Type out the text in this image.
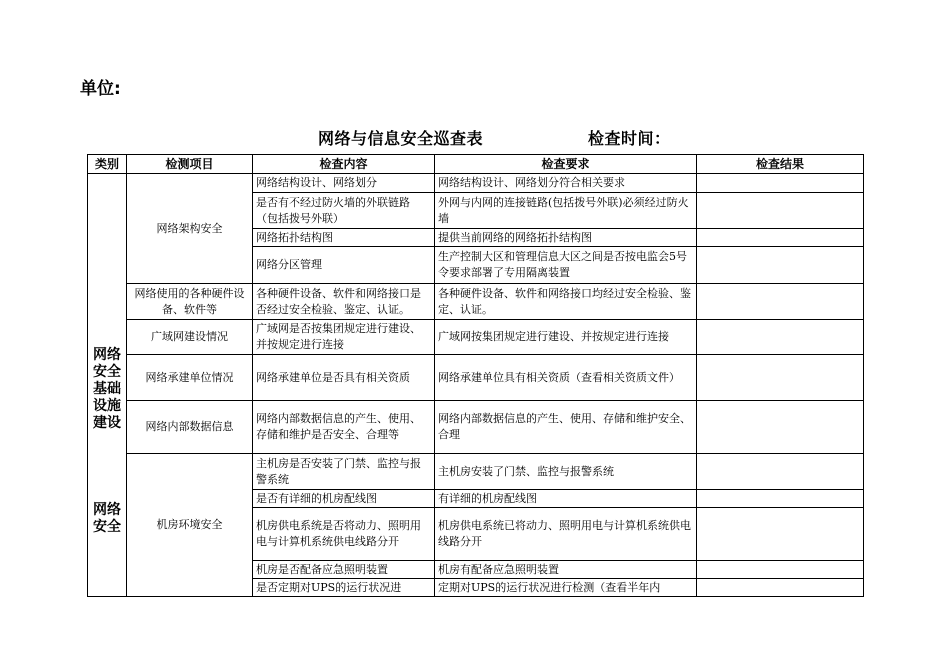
单位:
网络与信息安全巡查表	检查时间：
类别	检测项目	检查内容	检查要求	检查结果

网络安全基础设施建设
网络安全	网络架构安全	网络结构设计、网络划分	网络结构设计、网络划分符合相关要求	
		是否有不经过防火墙的外联链路（包括拨号外联）	外网与内网的连接链路(包括拨号外联)必须经过防火墙	
		网络拓扑结构图	提供当前网络的网络拓扑结构图	
		网络分区管理	生产控制大区和管理信息大区之间是否按电监会5号令要求部署了专用隔离装置	
	网络使用的各种硬件设备、软件等	各种硬件设备、软件和网络接口是否经过安全检验、鉴定、认证。	各种硬件设备、软件和网络接口均经过安全检验、鉴定、认证。	
	广域网建设情况	广域网是否按集团规定进行建设、并按规定进行连接	广域网按集团规定进行建设、并按规定进行连接	
	网络承建单位情况	网络承建单位是否具有相关资质	网络承建单位具有相关资质（查看相关资质文件）	
	网络内部数据信息	网络内部数据信息的产生、使用、存储和维护是否安全、合理等	网络内部数据信息的产生、使用、存储和维护安全、合理	
	机房环境安全	主机房是否安装了门禁、监控与报警系统	主机房安装了门禁、监控与报警系统	
		是否有详细的机房配线图	有详细的机房配线图	
		机房供电系统是否将动力、照明用电与计算机系统供电线路分开	机房供电系统已将动力、照明用电与计算机系统供电线路分开	
		机房是否配备应急照明装置	机房有配备应急照明装置	
		是否定期对UPS的运行状况进	定期对UPS的运行状况进行检测（查看半年内	
